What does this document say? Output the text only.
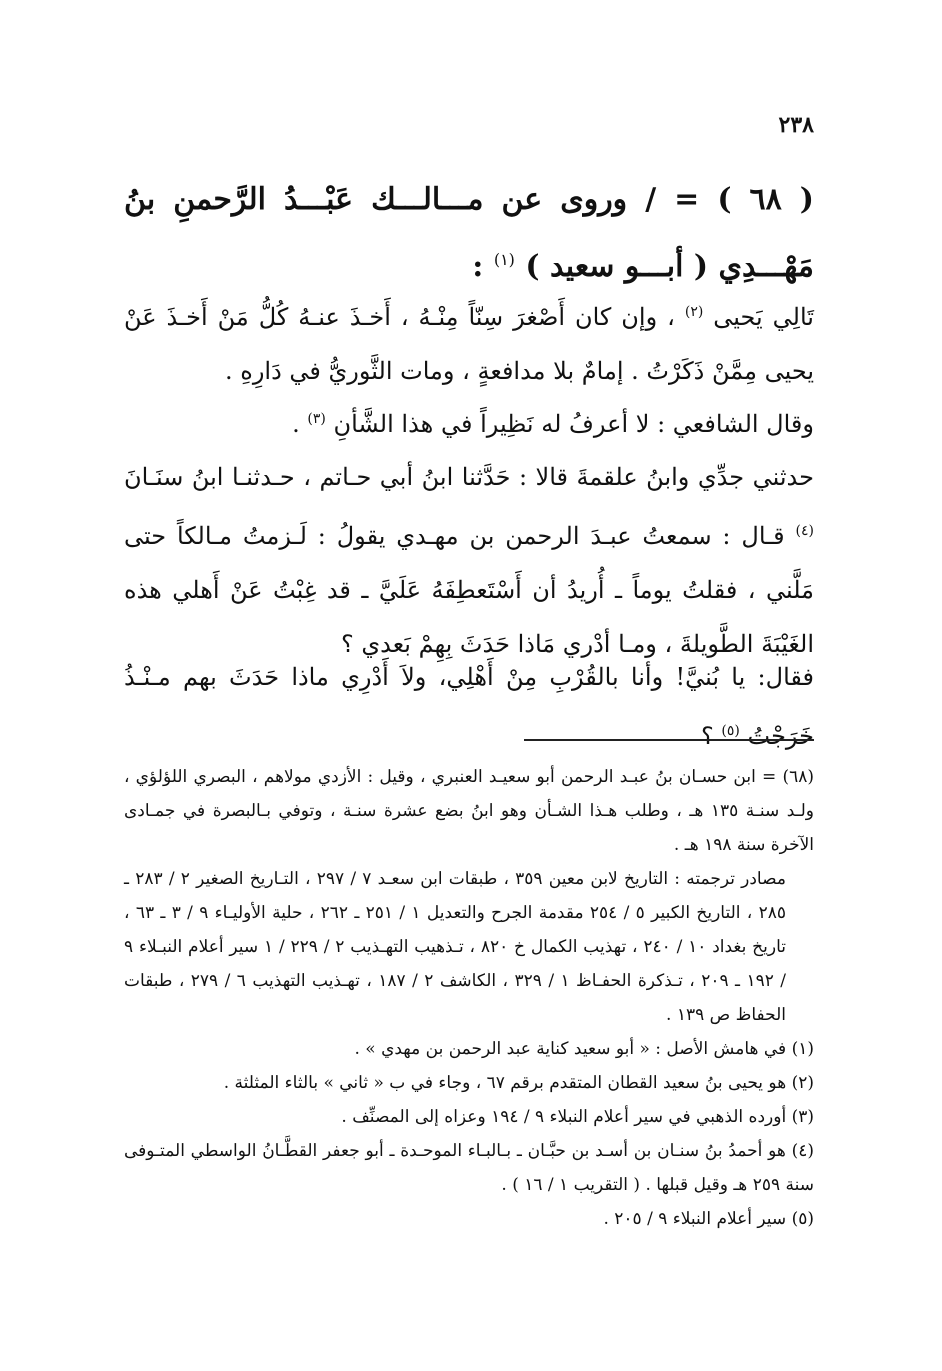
٢٣٨
( ٦٨ ) = / وروى عن مـــالـــك عَبْـــدُ الرَّحمنِ بنُ مَهْـــدِي ( أبـــو سعيد ) $^{(١)}$ :
تَالِي يَحيى $^{(٢)}$ ، وإن كان أَصْغرَ سِنّاً مِنْـهُ ، أَخـذَ عنـهُ كُلُّ مَنْ أَخـذَ عَنْ يحيى مِمَّنْ ذَكَرْتُ . إمامٌ بلا مدافعةٍ ، ومات الثَّوريُّ في دَارِهِ .
وقال الشافعي : لا أعرفُ له نَظِيراً في هذا الشَّأنِ $^{(٣)}$ .
حدثني جدِّي وابنُ علقمةَ قالا : حَدَّثنا ابنُ أبي حـاتم ، حـدثنـا ابنُ سنَـانَ $^{(٤)}$ قـال : سمعتُ عبـدَ الرحمن بن مهـدي يقولُ : لَـزمتُ مـالكاً حتى مَلَّني ، فقلتُ يوماً ـ أُريدُ أن أَسْتَعطِفَهُ عَلَيَّ ـ قد غِبْتُ عَنْ أَهلي هذه الغَيْبَةَ الطَّويلةَ ، ومـا أدْري مَاذا حَدَثَ بِهِمْ بَعدي ؟
فقال: يا بُنيَّ! وأنا بالقُرْبِ مِنْ أَهْلِي، ولاَ أَدْرِي ماذا حَدَثَ بهم مـنْـذُ خَرَجْتُ $^{(٥)}$ ؟

(٦٨) = ابن حسـان بنُ عبـد الرحمن أبو سعيـد العنبري ، وقيل : الأزدي مولاهم ، البصري اللؤلؤي ، ولـد سنـة ١٣٥ هـ ، وطلب هـذا الشـأن وهو ابنُ بضع عشرة سنـة ، وتوفي بـالبصرة في جمـادى الآخرة سنة ١٩٨ هـ .

مصادر ترجمته : التاريخ لابن معين ٣٥٩ ، طبقات ابن سعـد ٧ / ٢٩٧ ، التـاريخ الصغير ٢ / ٢٨٣ ـ ٢٨٥ ، التاريخ الكبير ٥ / ٢٥٤ مقدمة الجرح والتعديل ١ / ٢٥١ ـ ٢٦٢ ، حلية الأوليـاء ٩ / ٣ ـ ٦٣ ، تاريخ بغداد ١٠ / ٢٤٠ ، تهذيب الكمال خ ٨٢٠ ، تـذهيب التهـذيب ٢ / ٢٢٩ / ١ سير أعلام النبـلاء ٩ / ١٩٢ ـ ٢٠٩ ، تـذكرة الحفـاظ ١ / ٣٢٩ ، الكاشف ٢ / ١٨٧ ، تهـذيب التهذيب ٦ / ٢٧٩ ، طبقات الحفاظ ص ١٣٩ .

(١) في هامش الأصل : « أبو سعيد كناية عبد الرحمن بن مهدي » .

(٢) هو يحيى بنُ سعيد القطان المتقدم برقم ٦٧ ، وجاء في ب « ثاني » بالثاء المثلثة .

(٣) أورده الذهبي في سير أعلام النبلاء ٩ / ١٩٤ وعزاه إلى المصنِّف .

(٤) هو أحمدُ بنُ سنـان بن أسـد بن حبَّـان ـ بـالبـاء الموحـدة ـ أبو جعفر القطَّـانُ الواسطي المتـوفى سنة ٢٥٩ هـ وقيل قبلها . ( التقريب ١ / ١٦ ) .

(٥) سير أعلام النبلاء ٩ / ٢٠٥ .
